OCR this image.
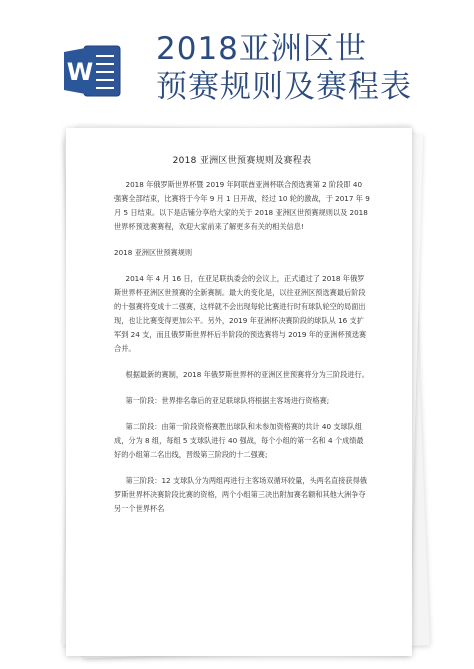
W
2018亚洲区世
预赛规则及赛程表
2018 亚洲区世预赛规则及赛程表

2018 年俄罗斯世界杯暨 2019 年阿联酋亚洲杯联合预选赛第 2 阶段即 40 强赛全部结束，比赛将于今年 9 月 1 日开战，经过 10 轮的激战，于 2017 年 9 月 5 日结束。以下是店铺分享给大家的关于 2018 亚洲区世预赛规则以及 2018 世界杯预选赛赛程，欢迎大家前来了解更多有关的相关信息!

2018 亚洲区世预赛规则

2014 年 4 月 16 日，在亚足联执委会的会议上，正式通过了 2018 年俄罗斯世界杯亚洲区世预赛的全新赛制。最大的变化是，以往亚洲区预选赛最后阶段的十强赛将变成十二强赛，这样就不会出现每轮比赛进行时有球队轮空的局面出现，也让比赛变得更加公平。另外，2019 年亚洲杯决赛阶段的球队从 16 支扩军到 24 支，而且俄罗斯世界杯后半阶段的预选赛将与 2019 年的亚洲杯预选赛合并。

根据最新的赛制，2018 年俄罗斯世界杯的亚洲区世预赛将分为三阶段进行。

第一阶段：世界排名靠后的亚足联球队将根据主客场进行资格赛;

第二阶段：由第一阶段资格赛胜出球队和未参加资格赛的共计 40 支球队组成，分为 8 组，每组 5 支球队进行 40 强战，每个小组的第一名和 4 个成绩最好的小组第二名出线，晋级第三阶段的十二强赛;

第三阶段：12 支球队分为两组再进行主客场双循环较量，头两名直接获得俄罗斯世界杯决赛阶段比赛的资格，两个小组第三决出附加赛名额和其他大洲争夺另一个世界杯名
